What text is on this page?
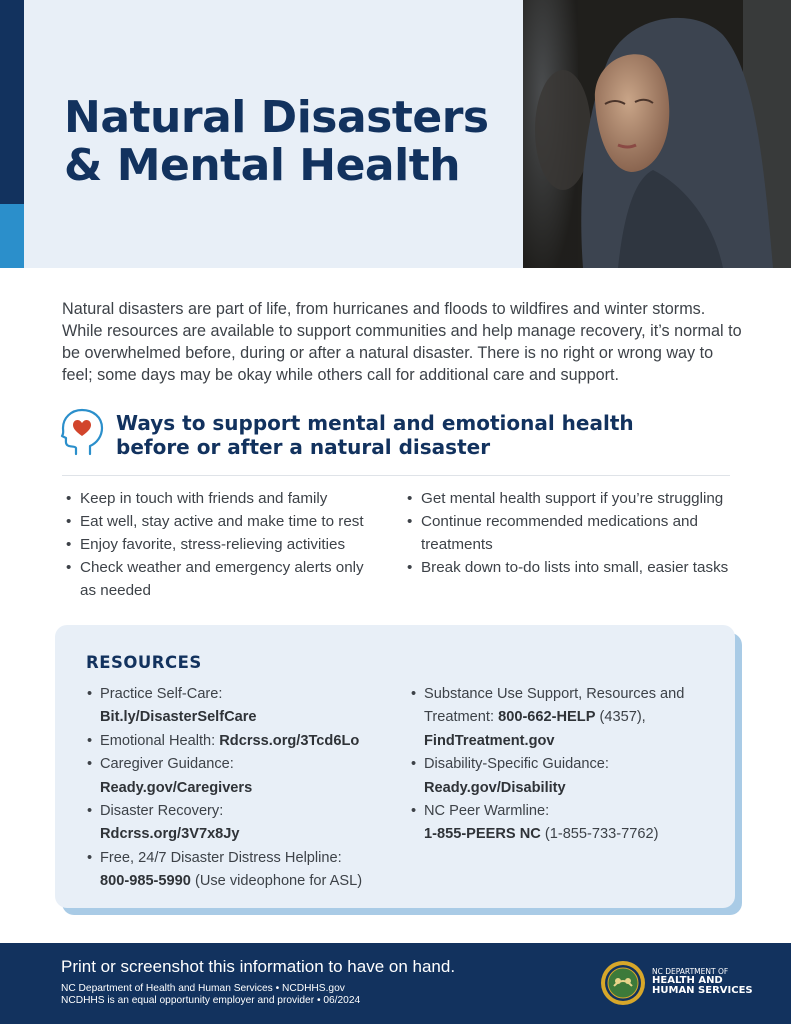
Natural Disasters
& Mental Health

Natural disasters are part of life, from hurricanes and floods to wildfires and winter storms. While resources are available to support communities and help manage recovery, it’s normal to be overwhelmed before, during or after a natural disaster. There is no right or wrong way to feel; some days may be okay while others call for additional care and support.

Ways to support mental and emotional health
before or after a natural disaster
• Keep in touch with friends and family
• Eat well, stay active and make time to rest
• Enjoy favorite, stress-relieving activities
• Check weather and emergency alerts only as needed
• Get mental health support if you’re struggling
• Continue recommended medications and treatments
• Break down to-do lists into small, easier tasks
RESOURCES
• Practice Self-Care:
Bit.ly/DisasterSelfCare
• Emotional Health: Rdcrss.org/3Tcd6Lo
• Caregiver Guidance:
Ready.gov/Caregivers
• Disaster Recovery:
Rdcrss.org/3V7x8Jy
• Free, 24/7 Disaster Distress Helpline:
800-985-5990 (Use videophone for ASL)
• Substance Use Support, Resources and Treatment: 800-662-HELP (4357),
FindTreatment.gov
• Disability-Specific Guidance:
Ready.gov/Disability
• NC Peer Warmline:
1-855-PEERS NC (1-855-733-7762)
Print or screenshot this information to have on hand.
NC Department of Health and Human Services • NCDHHS.gov
NCDHHS is an equal opportunity employer and provider • 06/2024
NC DEPARTMENT OF
HEALTH AND
HUMAN SERVICES
